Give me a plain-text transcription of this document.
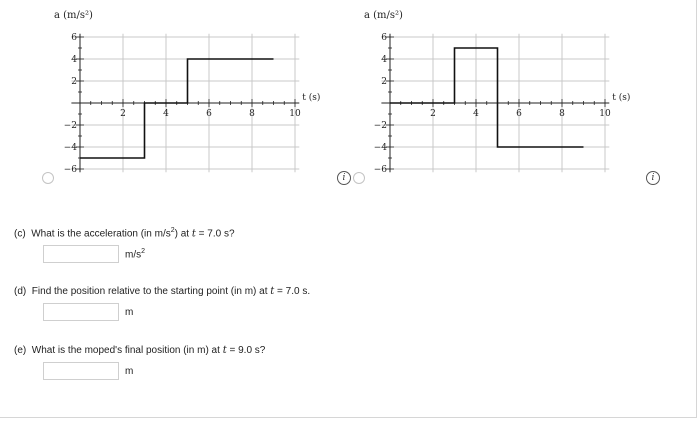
2	4	6	8	10
6
4
2
−2
−4
−6
a (m/s²)
t (s)
2	4	6	8	10
6
4
2
−2
−4
−6
a (m/s²)
t (s)
i	i
(c) What is the acceleration (in $m/s^2$) at t = 7.0 s?
$m/s^2$
(d) Find the position relative to the starting point (in m) at t = 7.0 s.
m
(e) What is the moped's final position (in m) at t = 9.0 s?
m
